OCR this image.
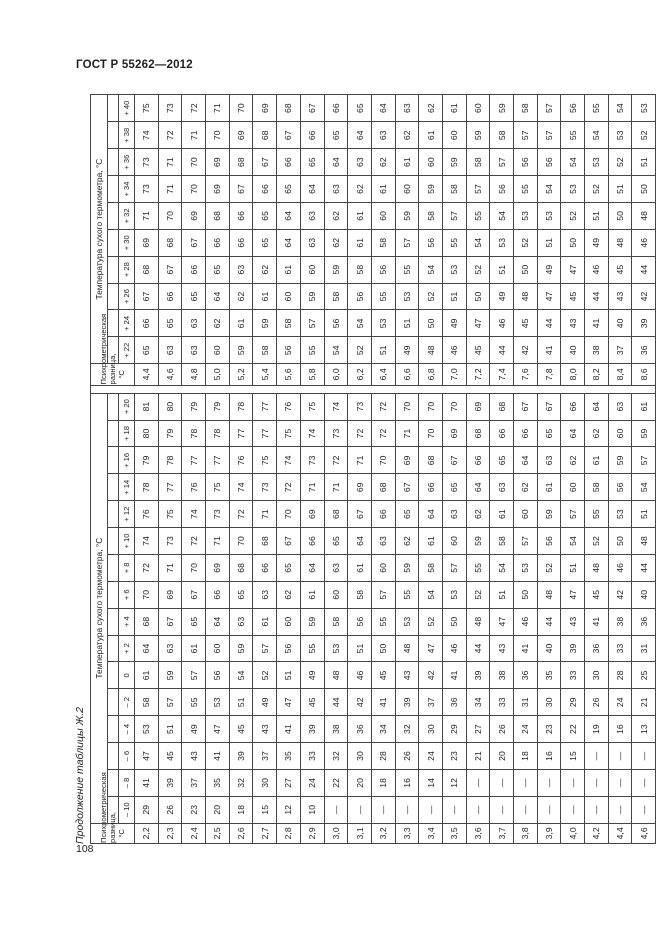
ГОСТ Р 55262—2012
Продолжение таблицы Ж.2 Психрометрическая разница, °С	Температура сухого термометра, °С																	Психрометрическая разница, °С	Температура сухого термометра, °С									

	– 10	– 8	– 6	– 4	– 2	0	+ 2	+ 4	+ 6	+ 8	+ 10	+ 12	+ 14	+ 16	+ 18	+ 20			+ 22	+ 24	+ 26	+ 28	+ 30	+ 32	+ 34	+ 36	+ 38	+ 40
2,2	29	41	47	53	58	61	64	68	70	72	74	76	78	79	80	81		4,4	65	66	67	68	69	71	73	73	74	75
2,3	26	39	45	51	57	59	63	67	69	71	73	75	77	78	79	80		4,6	63	65	66	67	68	70	71	71	72	73
2,4	23	37	43	49	55	57	61	65	67	70	72	74	76	77	78	79		4,8	63	63	65	66	67	69	70	70	71	72
2,5	20	35	41	47	53	56	60	64	66	69	71	73	75	77	78	79		5,0	60	62	64	65	66	68	69	69	70	71
2,6	18	32	39	45	51	54	59	63	65	68	70	72	74	76	77	78		5,2	59	61	62	63	66	66	67	68	69	70
2,7	15	30	37	43	49	52	57	61	63	66	68	71	73	75	77	77		5,4	58	59	61	62	65	65	66	67	68	69
2,8	12	27	35	41	47	51	56	60	62	65	67	70	72	74	75	76		5,6	56	58	60	61	64	64	65	66	67	68
2,9	10	24	33	39	45	49	55	59	61	64	66	69	71	73	74	75		5,8	55	57	59	60	63	63	64	65	66	67
3,0	—	22	32	38	44	48	53	58	60	63	65	68	71	72	73	74		6,0	54	56	58	59	62	62	63	64	65	66
3,1	—	20	30	36	42	46	51	56	58	61	64	67	69	71	72	73		6,2	52	54	56	58	61	61	62	63	64	65
3,2	—	18	28	34	41	45	50	55	57	60	63	66	68	70	72	72		6,4	51	53	55	56	58	60	61	62	63	64
3,3	—	16	26	32	39	43	48	53	55	59	62	65	67	69	71	70		6,6	49	51	53	55	57	59	60	61	62	63
3,4	—	14	24	30	37	42	47	52	54	58	61	64	66	68	70	70		6,8	48	50	52	54	56	58	59	60	61	62
3,5	—	12	23	29	36	41	46	50	53	57	60	63	65	67	69	70		7,0	46	49	51	53	55	57	58	59	60	61
3,6	—	—	21	27	34	39	44	48	52	55	59	62	64	66	68	69		7,2	45	47	50	52	54	55	57	58	59	60
3,7	—	—	20	26	33	38	43	47	51	54	58	61	63	65	66	68		7,4	44	46	49	51	53	54	56	57	58	59
3,8	—	—	18	24	31	36	41	46	50	53	57	60	62	64	66	67		7,6	42	45	48	50	52	53	55	56	57	58
3,9	—	—	16	23	30	35	40	44	48	52	56	59	61	63	65	67		7,8	41	44	47	49	51	53	54	56	57	57
4,0	—	—	15	22	29	33	39	43	47	51	54	57	60	62	64	66		8,0	40	43	45	47	50	52	53	54	55	56
4,2	—	—	—	19	26	30	36	41	45	48	52	55	58	61	62	64		8,2	38	41	44	46	49	51	52	53	54	55
4,4	—	—	—	16	24	28	33	38	42	46	50	53	56	59	60	63		8,4	37	40	43	45	48	50	51	52	53	54
4,6	—	—	—	13	21	25	31	36	40	44	48	51	54	57	59	61		8,6	36	39	42	44	46	48	50	51	52	53
108
